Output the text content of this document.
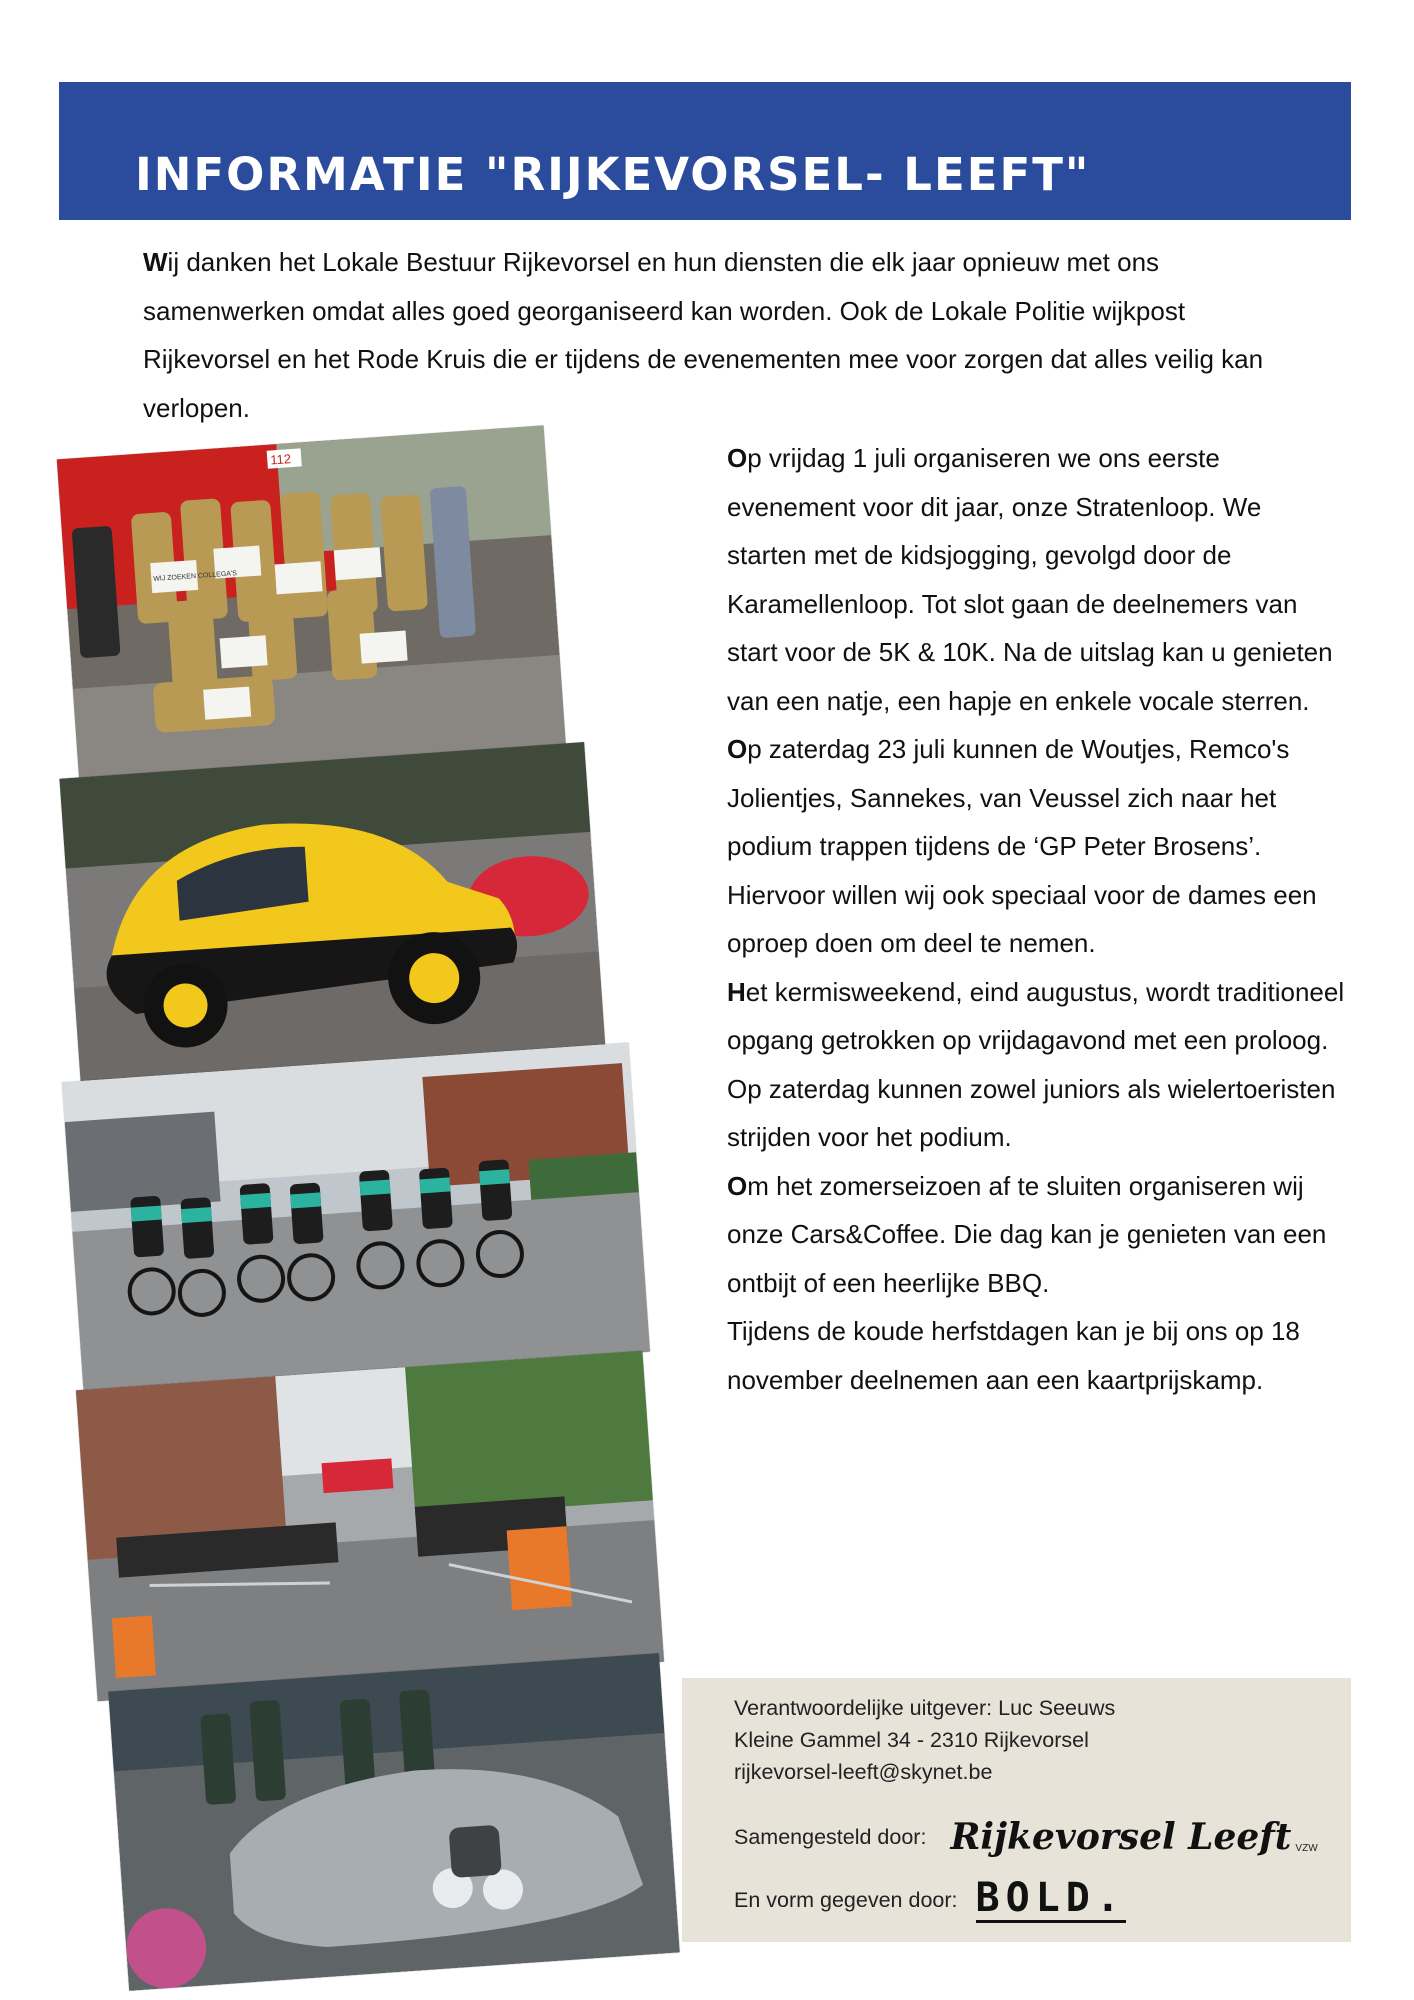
INFORMATIE "RIJKEVORSEL- LEEFT"

Wij danken het Lokale Bestuur Rijkevorsel en hun diensten die elk jaar opnieuw met ons samenwerken omdat alles goed georganiseerd kan worden. Ook de Lokale Politie wijkpost Rijkevorsel en het Rode Kruis die er tijdens de evenementen mee voor zorgen dat alles veilig kan verlopen.

112
WIJ ZOEKEN COLLEGA'S

Op vrijdag 1 juli organiseren we ons eerste evenement voor dit jaar, onze Stratenloop. We starten met de kidsjogging, gevolgd door de Karamellenloop. Tot slot gaan de deelnemers van start voor de 5K & 10K. Na de uitslag kan u genieten van een natje, een hapje en enkele vocale sterren.

Op zaterdag 23 juli kunnen de Woutjes, Remco's Jolientjes, Sannekes, van Veussel zich naar het podium trappen tijdens de ‘GP Peter Brosens’. Hiervoor willen wij ook speciaal voor de dames een oproep doen om deel te nemen.

Het kermisweekend, eind augustus, wordt traditioneel opgang getrokken op vrijdagavond met een proloog. Op zaterdag kunnen zowel juniors als wielertoeristen strijden voor het podium.

Om het zomerseizoen af te sluiten organiseren wij onze Cars&Coffee. Die dag kan je genieten van een ontbijt of een heerlijke BBQ.

Tijdens de koude herfstdagen kan je bij ons op 18 november deelnemen aan een kaartprijskamp.

Verantwoordelijke uitgever: Luc Seeuws
Kleine Gammel 34 - 2310 Rijkevorsel
rijkevorsel-leeft@skynet.be
Samengesteld door: Rijkevorsel Leeft VZW
En vorm gegeven door: BOLD.
